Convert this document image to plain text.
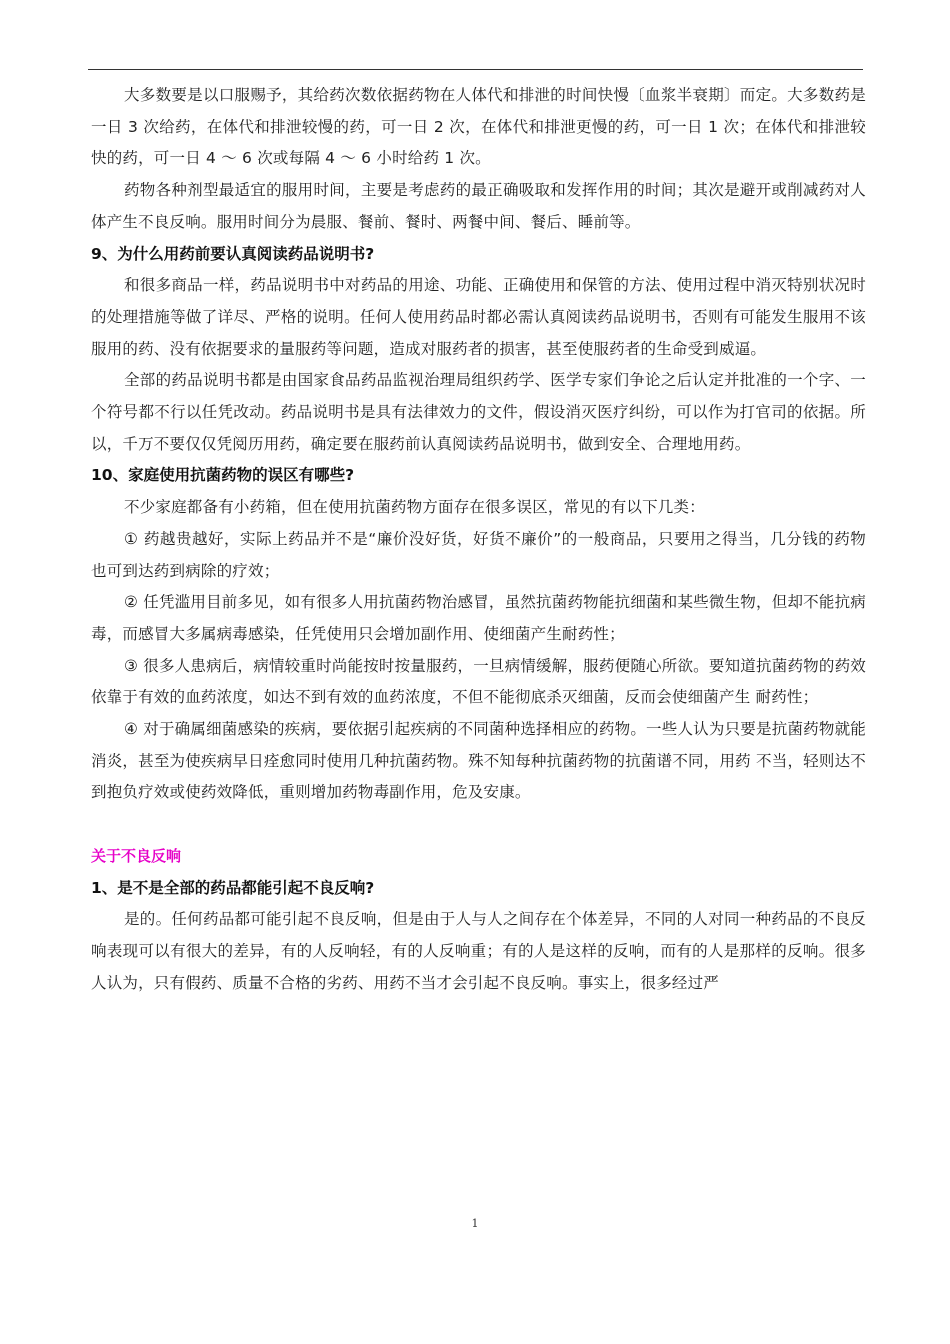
大多数要是以口服赐予，其给药次数依据药物在人体代和排泄的时间快慢〔血浆半衰期〕而定。大多数药是一日 3 次给药，在体代和排泄较慢的药，可一日 2 次，在体代和排泄更慢的药，可一日 1 次；在体代和排泄较快的药，可一日 4 ～ 6 次或每隔 4 ～ 6 小时给药 1 次。

药物各种剂型最适宜的服用时间，主要是考虑药的最正确吸取和发挥作用的时间；其次是避开或削减药对人体产生不良反响。服用时间分为晨服、餐前、餐时、两餐中间、餐后、睡前等。

9、为什么用药前要认真阅读药品说明书?

和很多商品一样，药品说明书中对药品的用途、功能、正确使用和保管的方法、使用过程中消灭特别状况时的处理措施等做了详尽、严格的说明。任何人使用药品时都必需认真阅读药品说明书，否则有可能发生服用不该服用的药、没有依据要求的量服药等问题，造成对服药者的损害，甚至使服药者的生命受到威逼。

全部的药品说明书都是由国家食品药品监视治理局组织药学、医学专家们争论之后认定并批准的一个字、一个符号都不行以任凭改动。药品说明书是具有法律效力的文件，假设消灭医疗纠纷，可以作为打官司的依据。所以，千万不要仅仅凭阅历用药，确定要在服药前认真阅读药品说明书，做到安全、合理地用药。

10、家庭使用抗菌药物的误区有哪些?

不少家庭都备有小药箱，但在使用抗菌药物方面存在很多误区，常见的有以下几类：

① 药越贵越好，实际上药品并不是“廉价没好货，好货不廉价”的一般商品，只要用之得当，几分钱的药物也可到达药到病除的疗效；

② 任凭滥用目前多见，如有很多人用抗菌药物治感冒，虽然抗菌药物能抗细菌和某些微生物，但却不能抗病毒，而感冒大多属病毒感染，任凭使用只会增加副作用、使细菌产生耐药性；

③ 很多人患病后，病情较重时尚能按时按量服药，一旦病情缓解，服药便随心所欲。要知道抗菌药物的药效依靠于有效的血药浓度，如达不到有效的血药浓度，不但不能彻底杀灭细菌，反而会使细菌产生 耐药性；

④ 对于确属细菌感染的疾病，要依据引起疾病的不同菌种选择相应的药物。一些人认为只要是抗菌药物就能消炎，甚至为使疾病早日痊愈同时使用几种抗菌药物。殊不知每种抗菌药物的抗菌谱不同，用药 不当，轻则达不到抱负疗效或使药效降低，重则增加药物毒副作用，危及安康。

关于不良反响

1、是不是全部的药品都能引起不良反响?

是的。任何药品都可能引起不良反响，但是由于人与人之间存在个体差异，不同的人对同一种药品的不良反响表现可以有很大的差异，有的人反响轻，有的人反响重；有的人是这样的反响，而有的人是那样的反响。很多人认为，只有假药、质量不合格的劣药、用药不当才会引起不良反响。事实上，很多经过严

1
